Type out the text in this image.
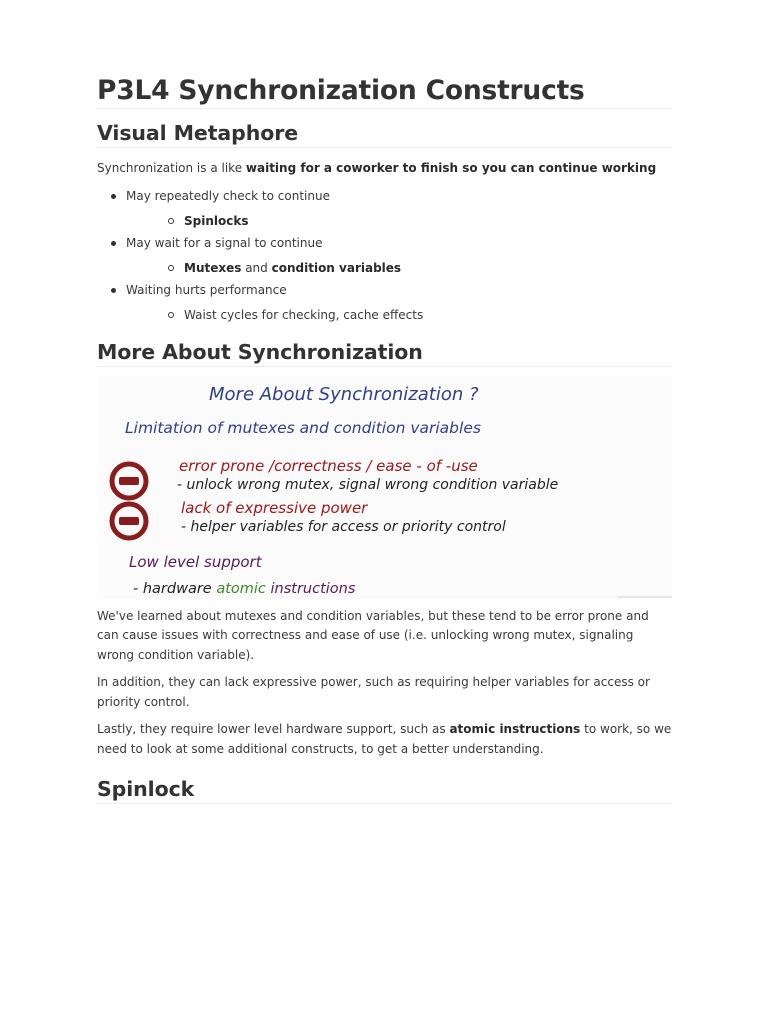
P3L4 Synchronization Constructs
Visual Metaphore

Synchronization is a like waiting for a coworker to finish so you can continue working

May repeatedly check to continue
Spinlocks
May wait for a signal to continue
Mutexes and condition variables
Waiting hurts performance
Waist cycles for checking, cache effects
More About Synchronization
More About Synchronization ?
Limitation of mutexes and condition variables
error prone /correctness / ease - of -use
- unlock wrong mutex, signal wrong condition variable
lack of expressive power
- helper variables for access or priority control
Low level support
- hardware atomic instructions

We've learned about mutexes and condition variables, but these tend to be error prone and can cause issues with correctness and ease of use (i.e. unlocking wrong mutex, signaling wrong condition variable).

In addition, they can lack expressive power, such as requiring helper variables for access or priority control.

Lastly, they require lower level hardware support, such as atomic instructions to work, so we need to look at some additional constructs, to get a better understanding.

Spinlock
